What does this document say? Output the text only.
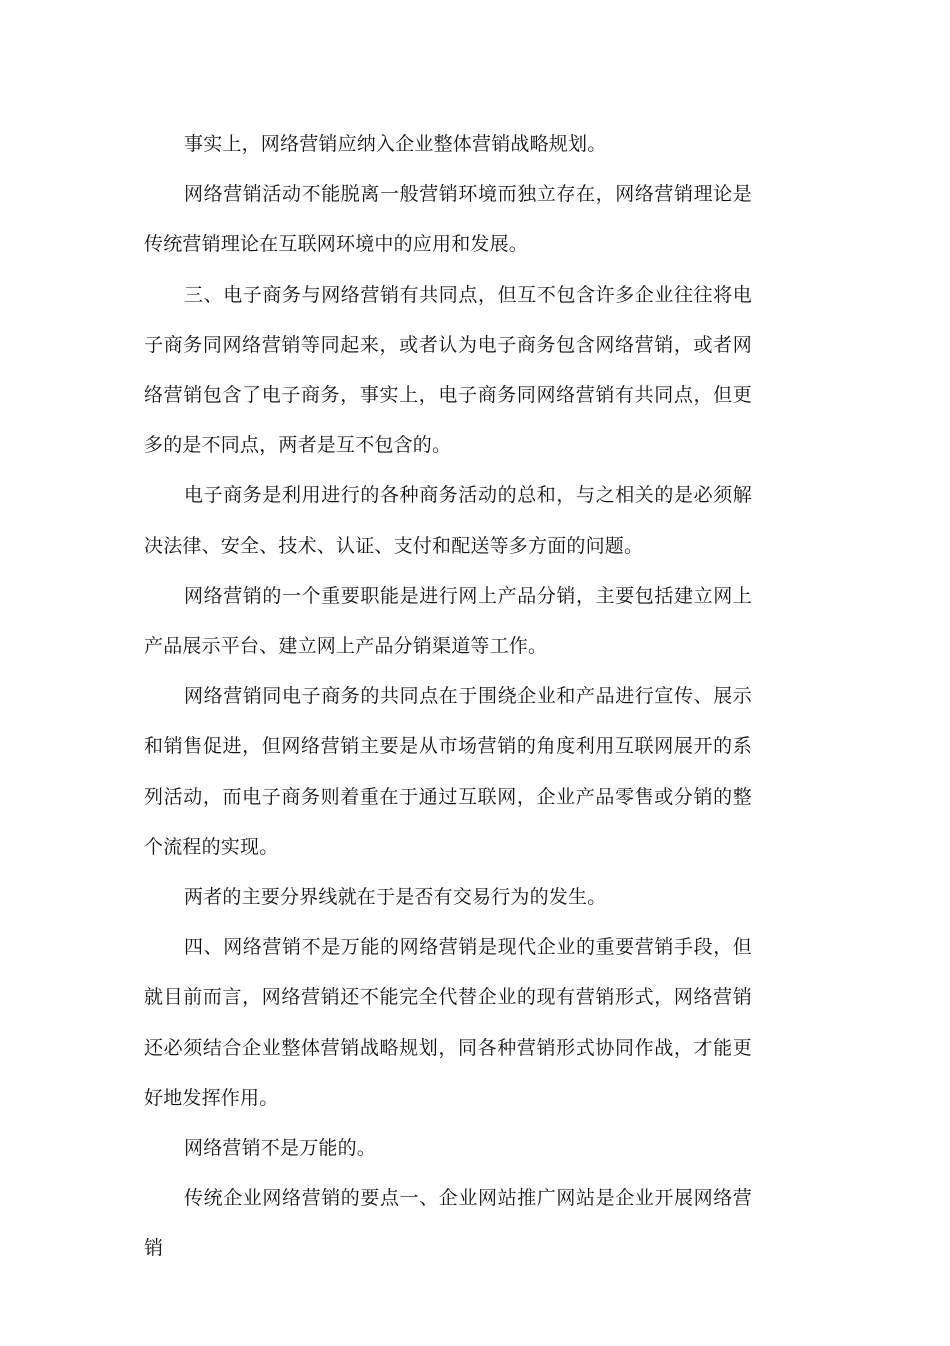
事实上，网络营销应纳入企业整体营销战略规划。

网络营销活动不能脱离一般营销环境而独立存在，网络营销理论是传统营销理论在互联网环境中的应用和发展。

三、电子商务与网络营销有共同点，但互不包含许多企业往往将电子商务同网络营销等同起来，或者认为电子商务包含网络营销，或者网络营销包含了电子商务，事实上，电子商务同网络营销有共同点，但更多的是不同点，两者是互不包含的。

电子商务是利用进行的各种商务活动的总和，与之相关的是必须解决法律、安全、技术、认证、支付和配送等多方面的问题。

网络营销的一个重要职能是进行网上产品分销，主要包括建立网上产品展示平台、建立网上产品分销渠道等工作。

网络营销同电子商务的共同点在于围绕企业和产品进行宣传、展示和销售促进，但网络营销主要是从市场营销的角度利用互联网展开的系列活动，而电子商务则着重在于通过互联网，企业产品零售或分销的整个流程的实现。

两者的主要分界线就在于是否有交易行为的发生。

四、网络营销不是万能的网络营销是现代企业的重要营销手段，但就目前而言，网络营销还不能完全代替企业的现有营销形式，网络营销还必须结合企业整体营销战略规划，同各种营销形式协同作战，才能更好地发挥作用。

网络营销不是万能的。

传统企业网络营销的要点一、企业网站推广网站是企业开展网络营销
